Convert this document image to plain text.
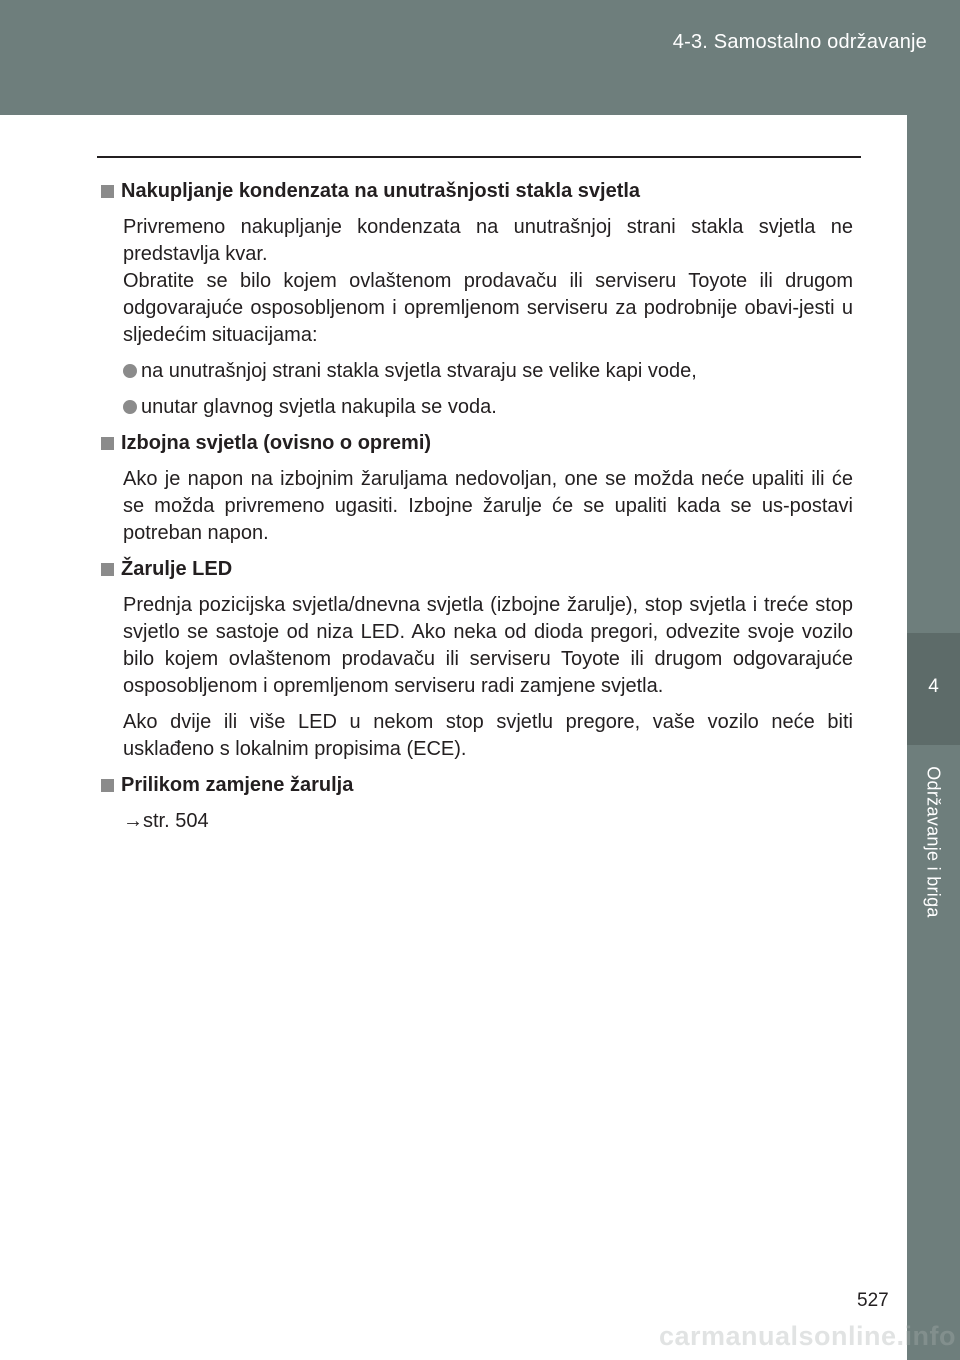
4-3. Samostalno održavanje
4
Održavanje i briga
Nakupljanje kondenzata na unutrašnjosti stakla svjetla
Privremeno nakupljanje kondenzata na unutrašnjoj strani stakla svjetla ne predstavlja kvar.
Obratite se bilo kojem ovlaštenom prodavaču ili serviseru Toyote ili drugom odgovarajuće osposobljenom i opremljenom serviseru za podrobnije obavi-jesti u sljedećim situacijama:
na unutrašnjoj strani stakla svjetla stvaraju se velike kapi vode,
unutar glavnog svjetla nakupila se voda.
Izbojna svjetla (ovisno o opremi)
Ako je napon na izbojnim žaruljama nedovoljan, one se možda neće upaliti ili će se možda privremeno ugasiti. Izbojne žarulje će se upaliti kada se us-postavi potreban napon.
Žarulje LED
Prednja pozicijska svjetla/dnevna svjetla (izbojne žarulje), stop svjetla i treće stop svjetlo se sastoje od niza LED. Ako neka od dioda pregori, odvezite svoje vozilo bilo kojem ovlaštenom prodavaču ili serviseru Toyote ili drugom odgovarajuće osposobljenom i opremljenom serviseru radi zamjene svjetla.
Ako dvije ili više LED u nekom stop svjetlu pregore, vaše vozilo neće biti usklađeno s lokalnim propisima (ECE).
Prilikom zamjene žarulja
→str. 504
527
carmanualsonline.info
